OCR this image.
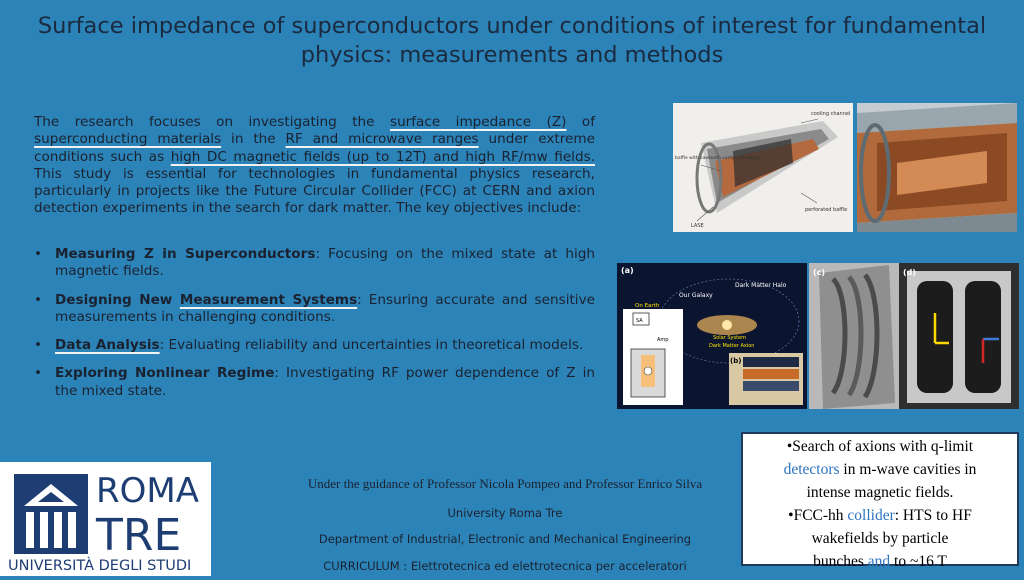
Surface impedance of superconductors under conditions of interest for fundamental physics: measurements and methods
The research focuses on investigating the surface impedance (Z) of superconducting materials in the RF and microwave ranges under extreme conditions such as high DC magnetic fields (up to 12T) and high RF/mw fields. This study is essential for technologies in fundamental physics research, particularly in projects like the Future Circular Collider (FCC) at CERN and axion detection experiments in the search for dark matter. The key objectives include:
• Measuring Z in Superconductors: Focusing on the mixed state at high magnetic fields.
• Designing New Measurement Systems: Ensuring accurate and sensitive measurements in challenging conditions.
• Data Analysis: Evaluating reliability and uncertainties in theoretical models.
• Exploring Nonlinear Regime: Investigating RF power dependence of Z in the mixed state.
cooling channel
baffle with sawtooth surface finishing
LASE
perforated baffle
(a)
(b)
Dark Matter Halo
Our Galaxy
On Earth
SA
Amp	Solar System
Dark Matter Axion
Magnet
(c)	(d)
•Search of axions with q-limit
detectors in m-wave cavities in
intense magnetic fields.
•FCC-hh collider: HTS to HF
wakefields by particle
bunches and to ~16 T
ROMA
TRE
UNIVERSITÀ DEGLI STUDI
Under the guidance of Professor Nicola Pompeo and Professor Enrico Silva
University Roma Tre
Department of Industrial, Electronic and Mechanical Engineering
CURRICULUM : Elettrotecnica ed elettrotecnica per acceleratori
